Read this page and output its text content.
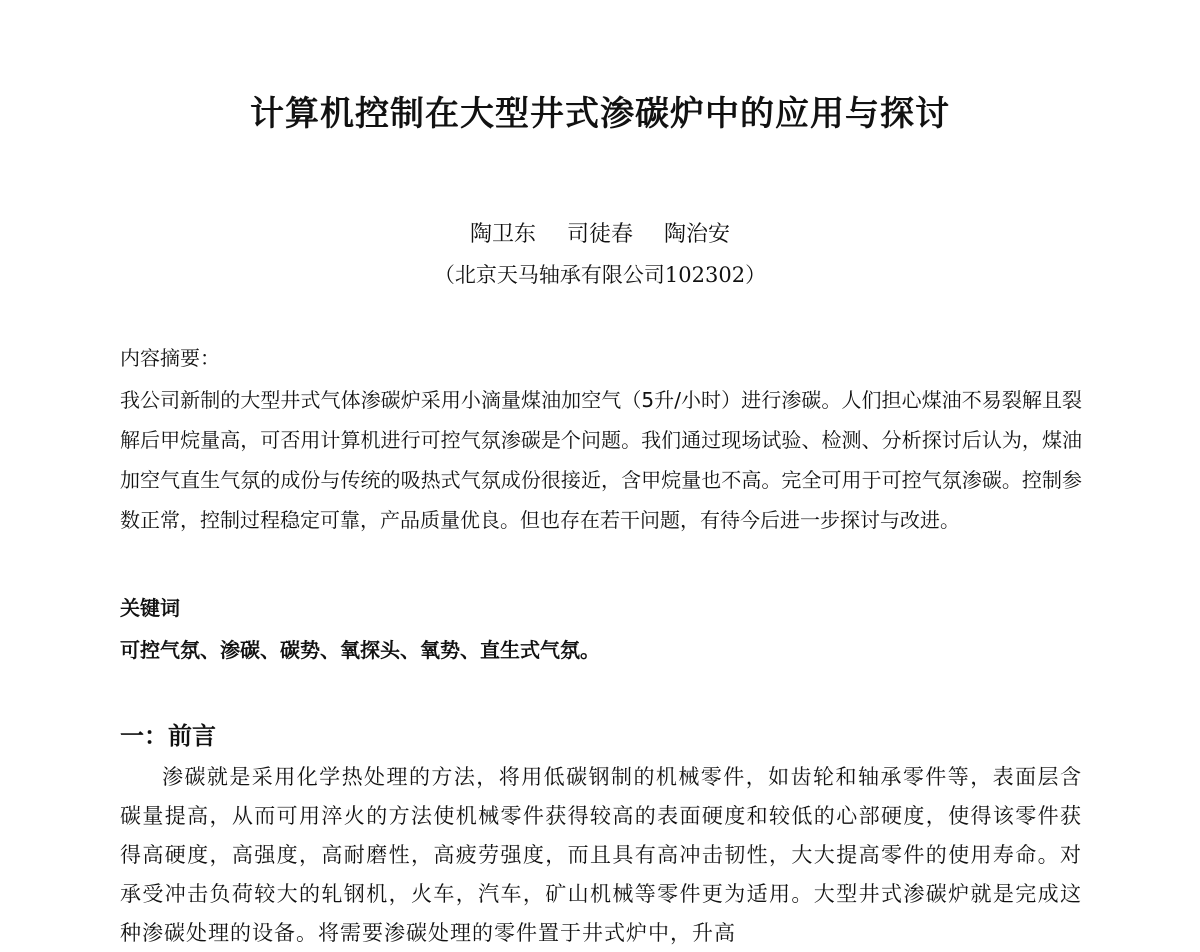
计算机控制在大型井式渗碳炉中的应用与探讨
陶卫东 司徒春 陶治安
（北京天马轴承有限公司102302）
内容摘要：

我公司新制的大型井式气体渗碳炉采用小滴量煤油加空气（5升/小时）进行渗碳。人们担心煤油不易裂解且裂解后甲烷量高，可否用计算机进行可控气氛渗碳是个问题。我们通过现场试验、检测、分析探讨后认为，煤油加空气直生气氛的成份与传统的吸热式气氛成份很接近，含甲烷量也不高。完全可用于可控气氛渗碳。控制参数正常，控制过程稳定可靠，产品质量优良。但也存在若干问题，有待今后进一步探讨与改进。

关键词
可控气氛、渗碳、碳势、氧探头、氧势、直生式气氛。
一：前言

渗碳就是采用化学热处理的方法，将用低碳钢制的机械零件，如齿轮和轴承零件等，表面层含碳量提高，从而可用淬火的方法使机械零件获得较高的表面硬度和较低的心部硬度，使得该零件获得高硬度，高强度，高耐磨性，高疲劳强度，而且具有高冲击韧性，大大提高零件的使用寿命。对承受冲击负荷较大的轧钢机，火车，汽车，矿山机械等零件更为适用。大型井式渗碳炉就是完成这种渗碳处理的设备。将需要渗碳处理的零件置于井式炉中，升高
